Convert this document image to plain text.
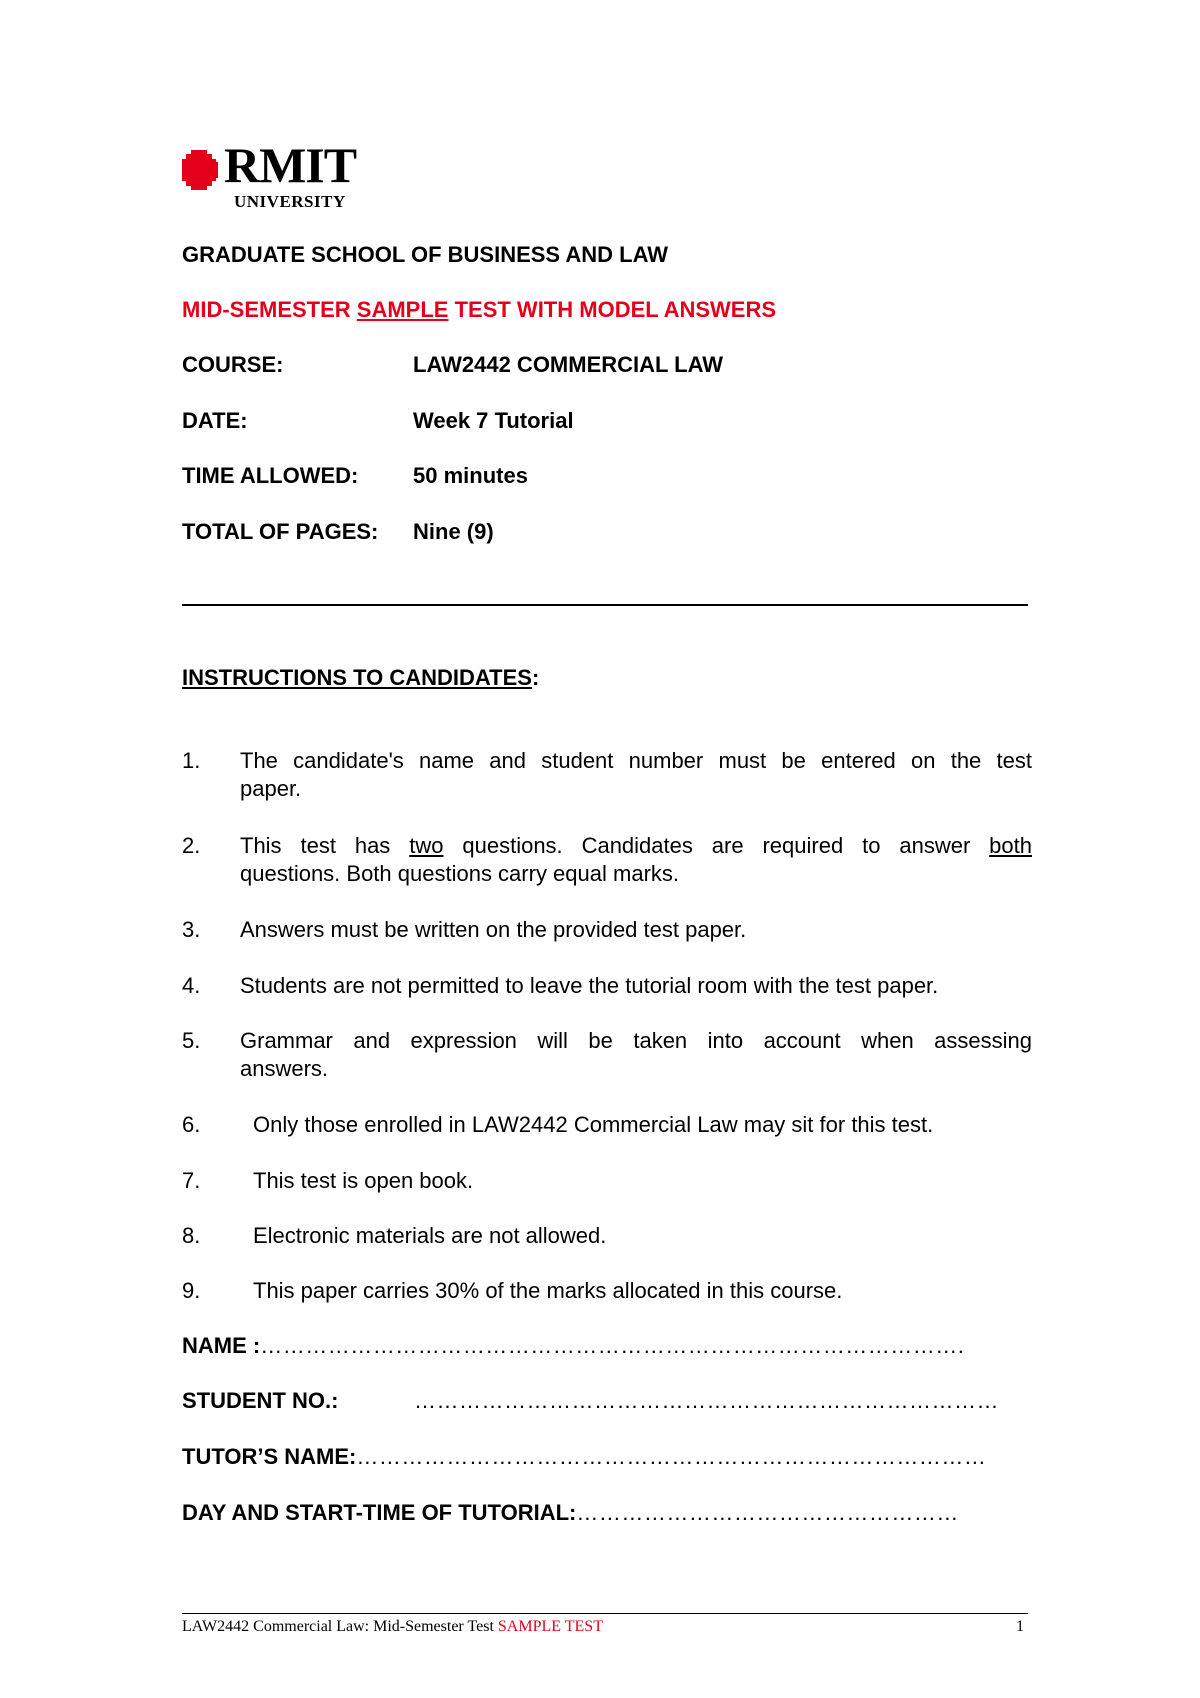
RMIT
UNIVERSITY
GRADUATE SCHOOL OF BUSINESS AND LAW
MID-SEMESTER SAMPLE TEST WITH MODEL ANSWERS
COURSE:	LAW2442 COMMERCIAL LAW
DATE:	Week 7 Tutorial
TIME ALLOWED: 50 minutes
TOTAL OF PAGES: Nine (9)
INSTRUCTIONS TO CANDIDATES:
1. The candidate's name and student number must be entered on the test
paper.
2. This test has two questions. Candidates are required to answer both
questions. Both questions carry equal marks.
3. Answers must be written on the provided test paper.
4. Students are not permitted to leave the tutorial room with the test paper.
5. Grammar and expression will be taken into account when assessing
answers.
6. Only those enrolled in LAW2442 Commercial Law may sit for this test.
7. This test is open book.
8. Electronic materials are not allowed.
9. This paper carries 30% of the marks allocated in this course.
NAME :………………………………………………………………………………….
STUDENT NO.:	……………………………………………………………………
TUTOR’S NAME:…………………………………………………………………………
DAY AND START-TIME OF TUTORIAL:……………………………………………
LAW2442 Commercial Law: Mid-Semester Test SAMPLE TEST	1
